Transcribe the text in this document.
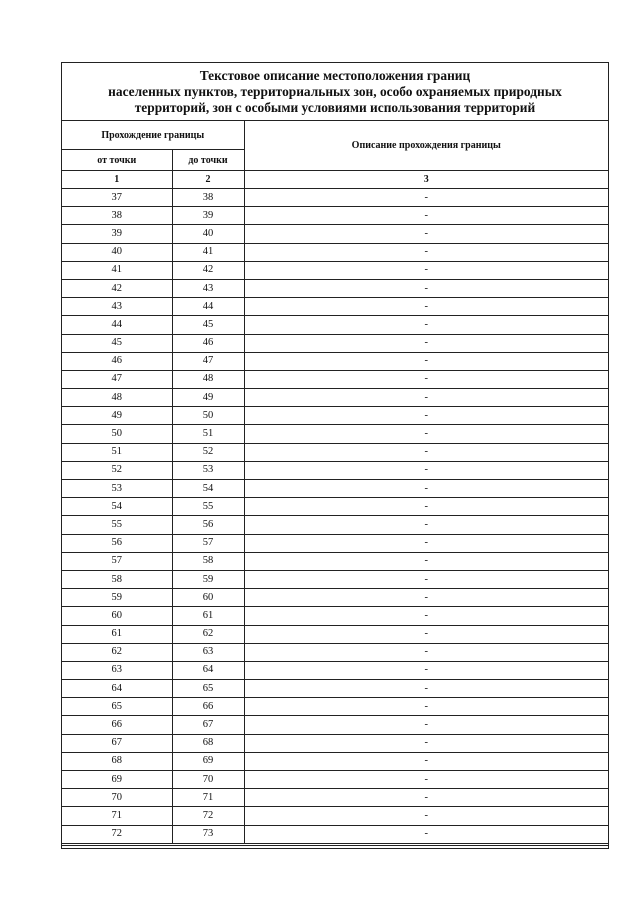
Текстовое описание местоположения границ
населенных пунктов, территориальных зон, особо охраняемых природных
территорий, зон с особыми условиями использования территорий
Прохождение границы		Описание прохождения границы
от точки	до точки	
1	2	3
37	38	-
38	39	-
39	40	-
40	41	-
41	42	-
42	43	-
43	44	-
44	45	-
45	46	-
46	47	-
47	48	-
48	49	-
49	50	-
50	51	-
51	52	-
52	53	-
53	54	-
54	55	-
55	56	-
56	57	-
57	58	-
58	59	-
59	60	-
60	61	-
61	62	-
62	63	-
63	64	-
64	65	-
65	66	-
66	67	-
67	68	-
68	69	-
69	70	-
70	71	-
71	72	-
72	73	-
